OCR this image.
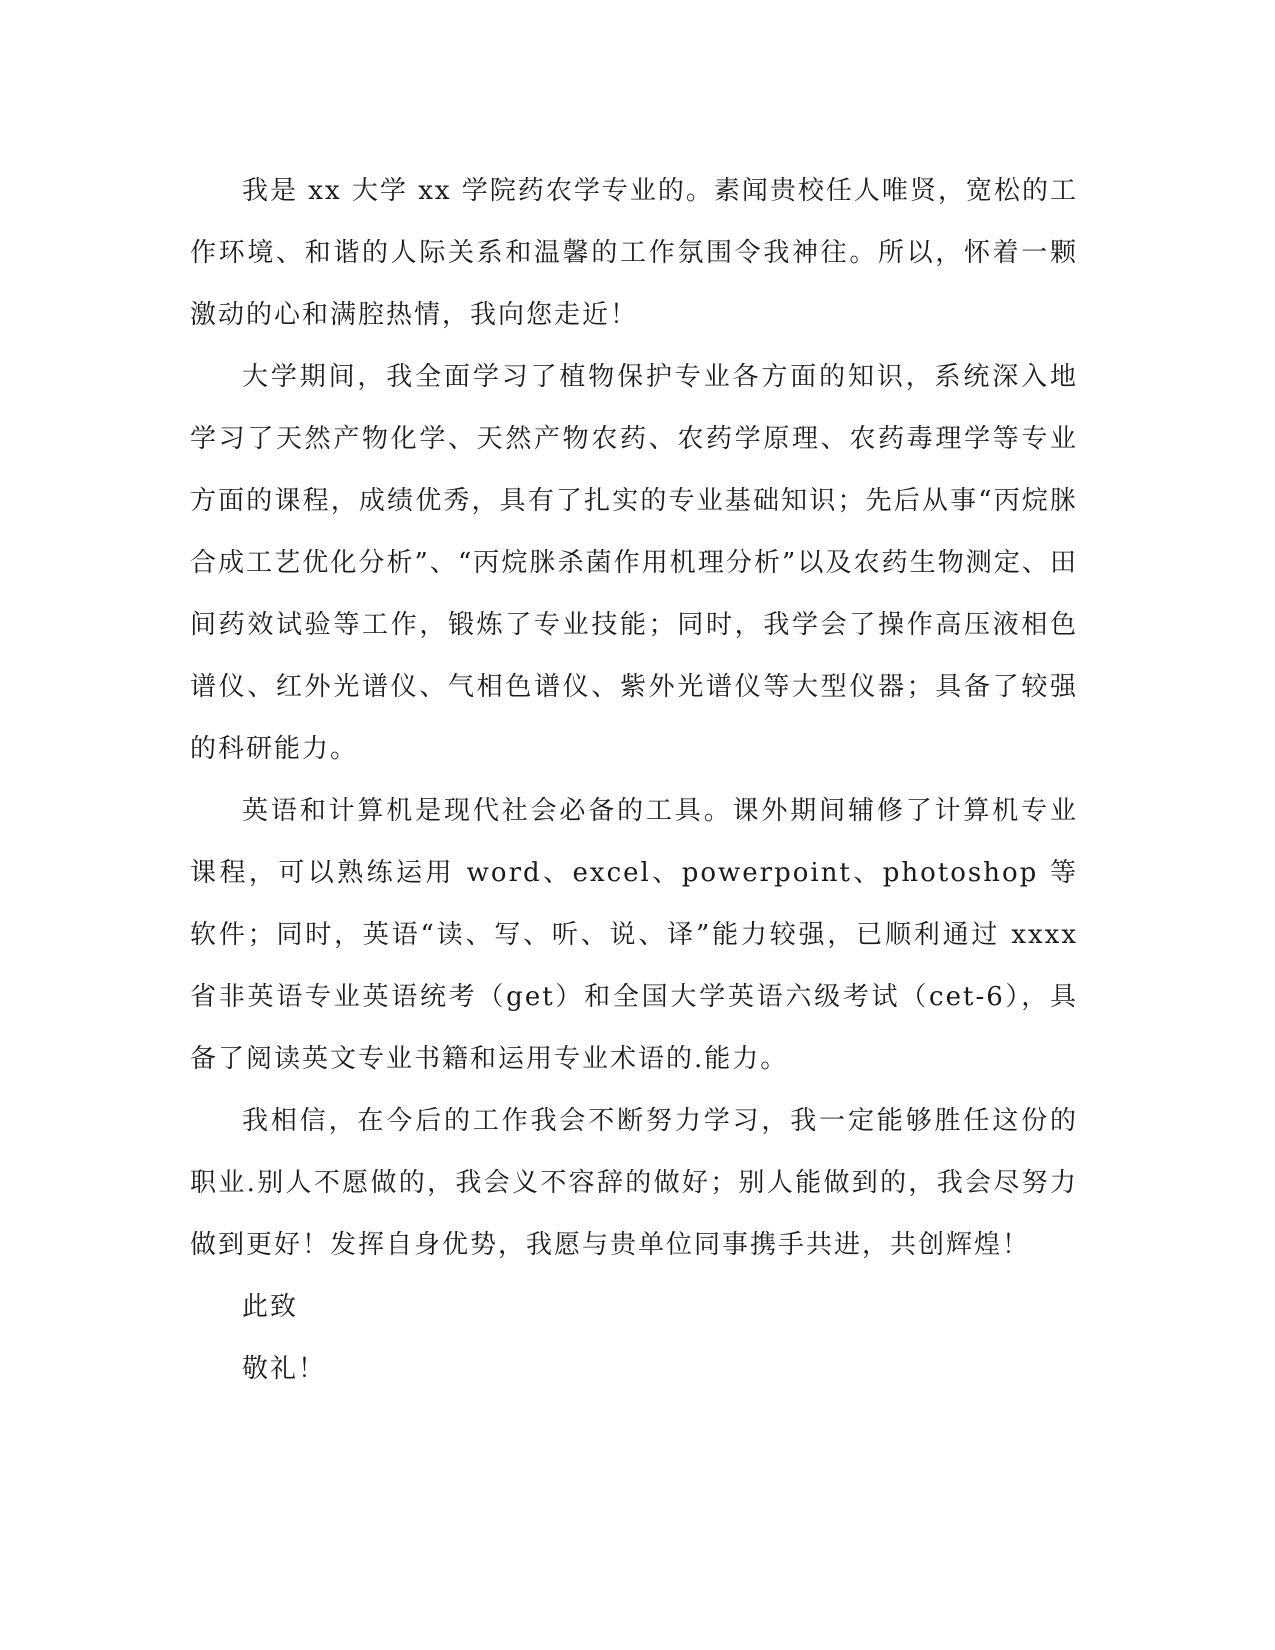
我是 xx 大学 xx 学院药农学专业的。素闻贵校任人唯贤，宽松的工作环境、和谐的人际关系和温馨的工作氛围令我神往。所以，怀着一颗激动的心和满腔热情，我向您走近！

大学期间，我全面学习了植物保护专业各方面的知识，系统深入地学习了天然产物化学、天然产物农药、农药学原理、农药毒理学等专业方面的课程，成绩优秀，具有了扎实的专业基础知识；先后从事“丙烷脒合成工艺优化分析”、“丙烷脒杀菌作用机理分析”以及农药生物测定、田间药效试验等工作，锻炼了专业技能；同时，我学会了操作高压液相色谱仪、红外光谱仪、气相色谱仪、紫外光谱仪等大型仪器；具备了较强的科研能力。

英语和计算机是现代社会必备的工具。课外期间辅修了计算机专业课程，可以熟练运用 word、excel、powerpoint、photoshop 等软件；同时，英语“读、写、听、说、译”能力较强，已顺利通过 xxxx 省非英语专业英语统考（get）和全国大学英语六级考试（cet-6），具备了阅读英文专业书籍和运用专业术语的.能力。

我相信，在今后的工作我会不断努力学习，我一定能够胜任这份的职业.别人不愿做的，我会义不容辞的做好；别人能做到的，我会尽努力做到更好！发挥自身优势，我愿与贵单位同事携手共进，共创辉煌！

此致

敬礼！
